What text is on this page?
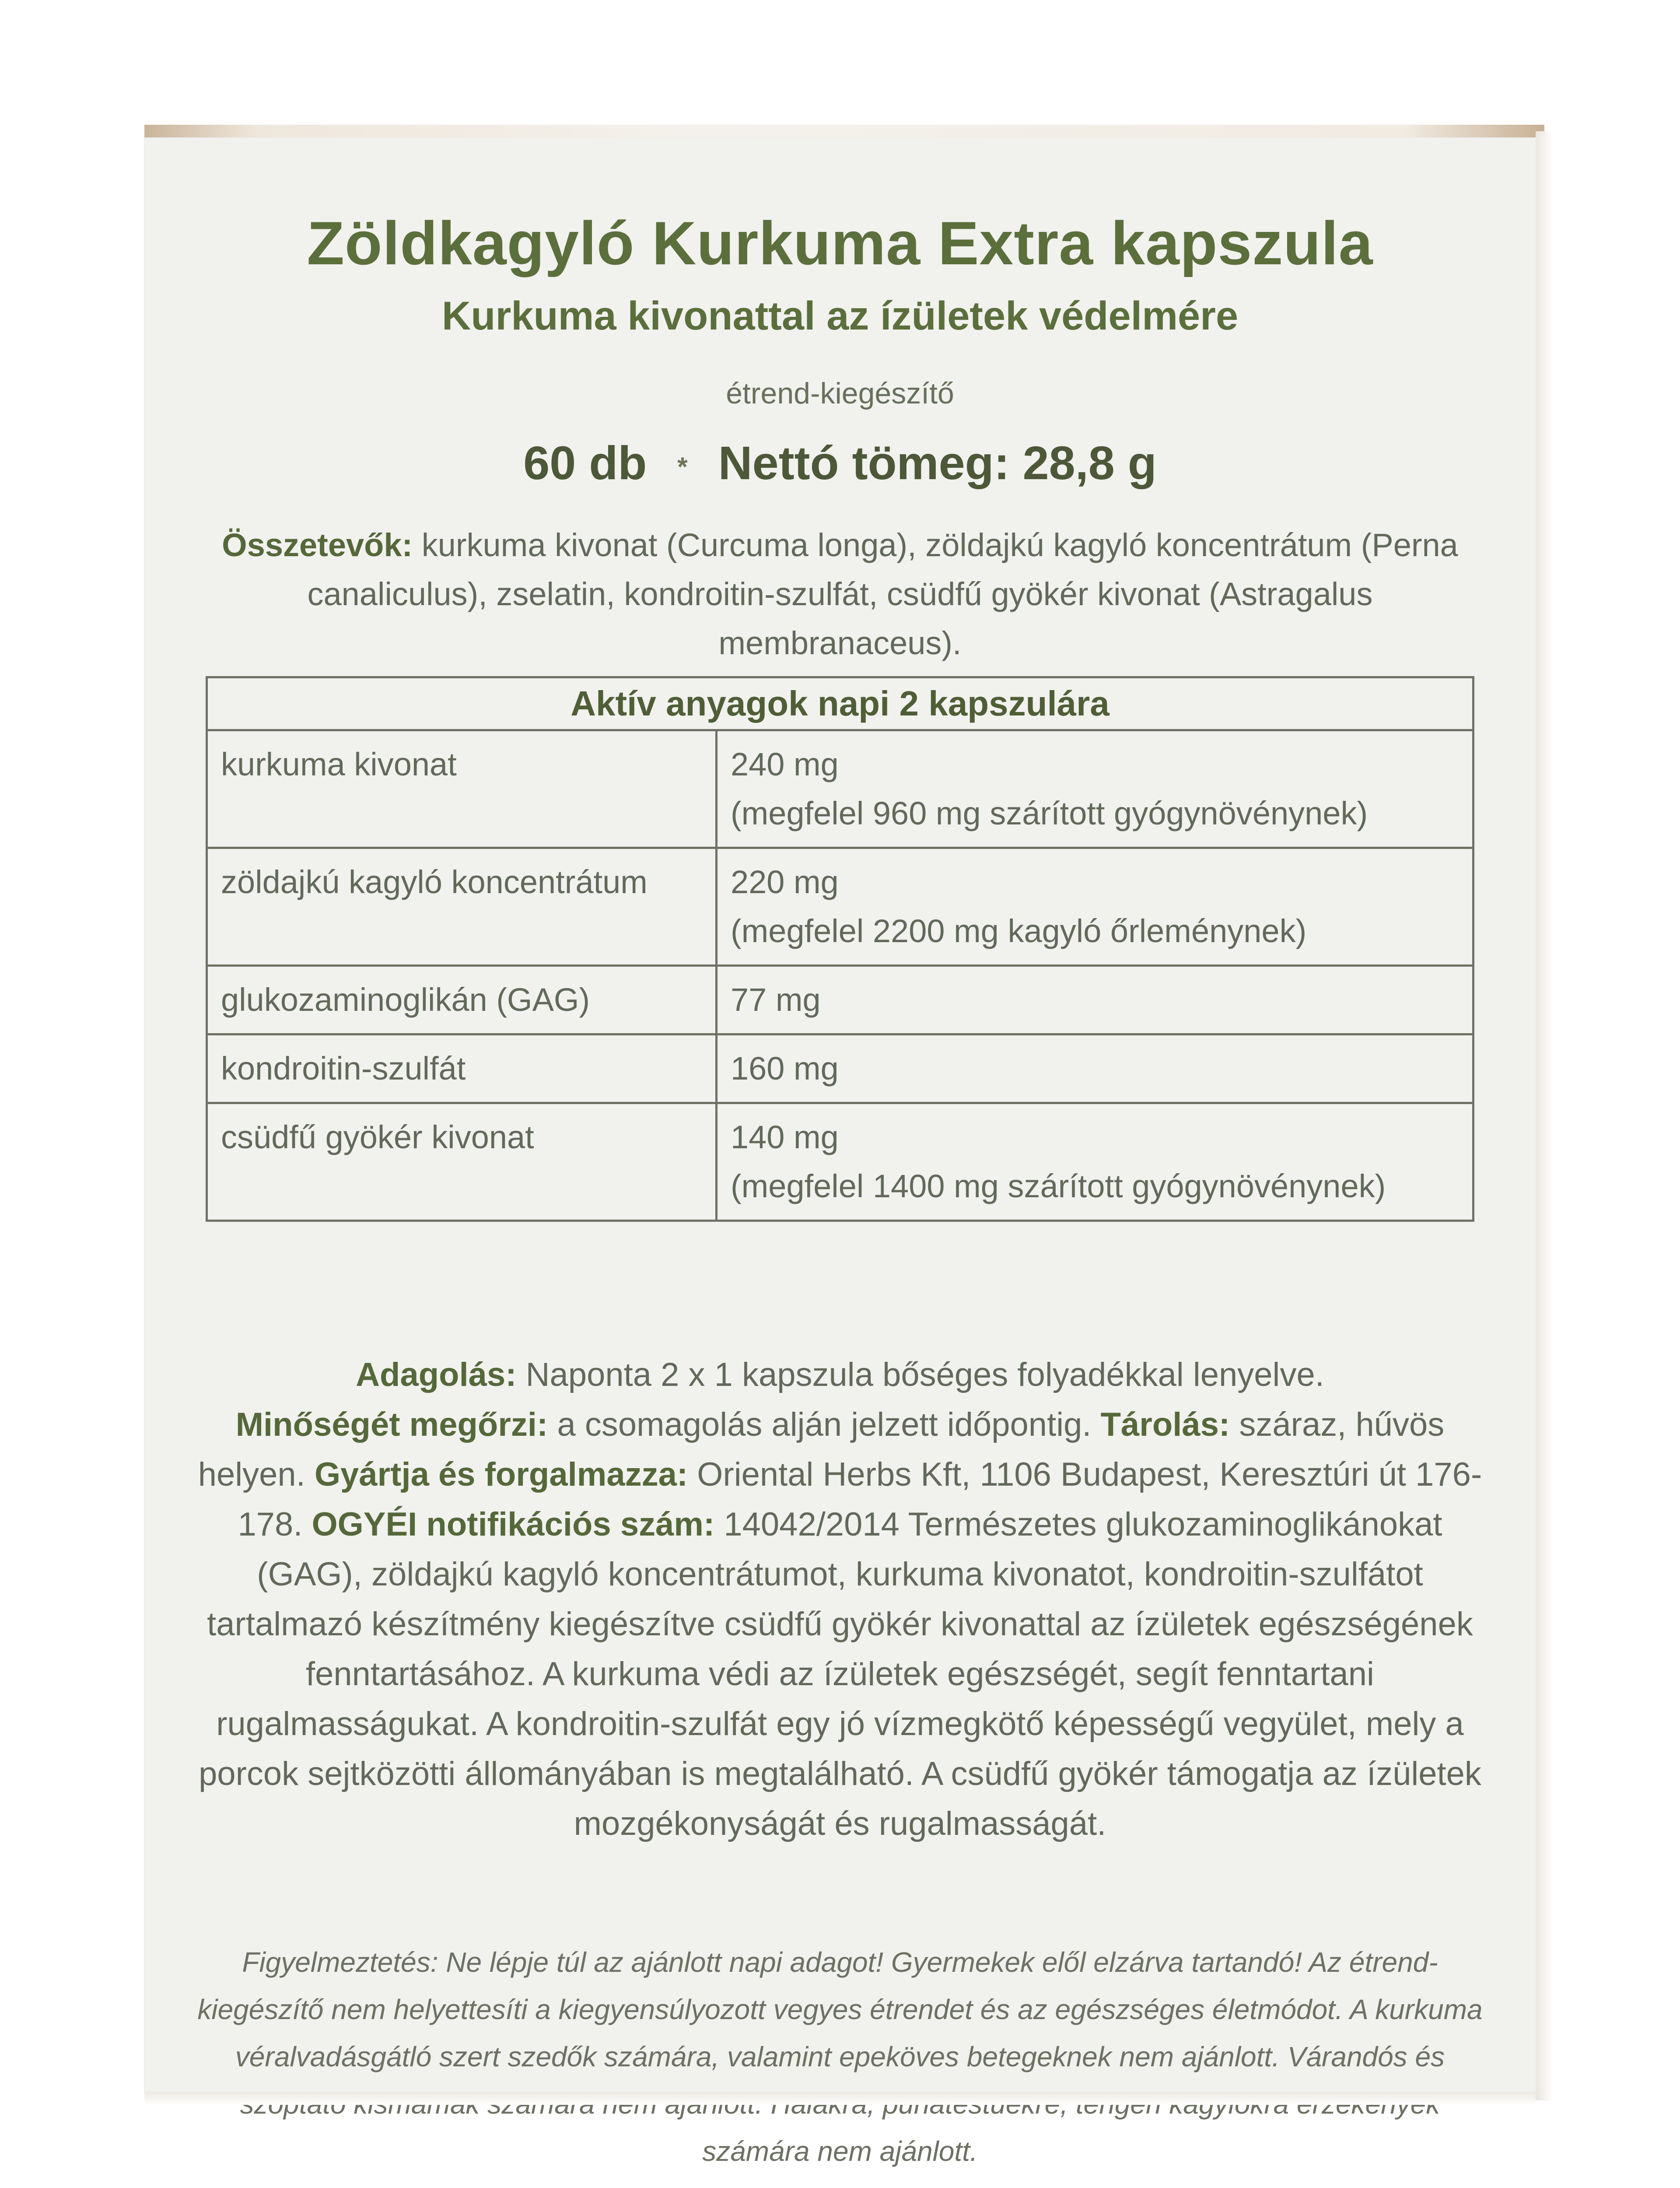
Zöldkagyló Kurkuma Extra kapszula
Kurkuma kivonattal az ízületek védelmére
étrend-kiegészítő
60 db * Nettó tömeg: 28,8 g
Összetevők: kurkuma kivonat (Curcuma longa), zöldajkú kagyló koncentrátum (Perna canaliculus), zselatin, kondroitin-szulfát, csüdfű gyökér kivonat (Astragalus membranaceus).
Aktív anyagok napi 2 kapszulára	
kurkuma kivonat	240 mg
(megfelel 960 mg szárított gyógynövénynek)

zöldajkú kagyló koncentrátum	220 mg
(megfelel 2200 mg kagyló őrleménynek)

glukozaminoglikán (GAG)	77 mg

kondroitin-szulfát	160 mg

csüdfű gyökér kivonat	140 mg
(megfelel 1400 mg szárított gyógynövénynek)
Adagolás: Naponta 2 x 1 kapszula bőséges folyadékkal lenyelve.
Minőségét megőrzi: a csomagolás alján jelzett időpontig. Tárolás: száraz, hűvös helyen. Gyártja és forgalmazza: Oriental Herbs Kft, 1106 Budapest, Keresztúri út 176-178. OGYÉI notifikációs szám: 14042/2014 Természetes glukozaminoglikánokat (GAG), zöldajkú kagyló koncentrátumot, kurkuma kivonatot, kondroitin-szulfátot tartalmazó készítmény kiegészítve csüdfű gyökér kivonattal az ízületek egészségének fenntartásához. A kurkuma védi az ízületek egészségét, segít fenntartani rugalmasságukat. A kondroitin-szulfát egy jó vízmegkötő képességű vegyület, mely a porcok sejtközötti állományában is megtalálható. A csüdfű gyökér támogatja az ízületek mozgékonyságát és rugalmasságát.
Figyelmeztetés: Ne lépje túl az ajánlott napi adagot! Gyermekek elől elzárva tartandó! Az étrend-kiegészítő nem helyettesíti a kiegyensúlyozott vegyes étrendet és az egészséges életmódot. A kurkuma véralvadásgátló szert szedők számára, valamint epeköves betegeknek nem ajánlott. Várandós és számára nem ajánlott.
